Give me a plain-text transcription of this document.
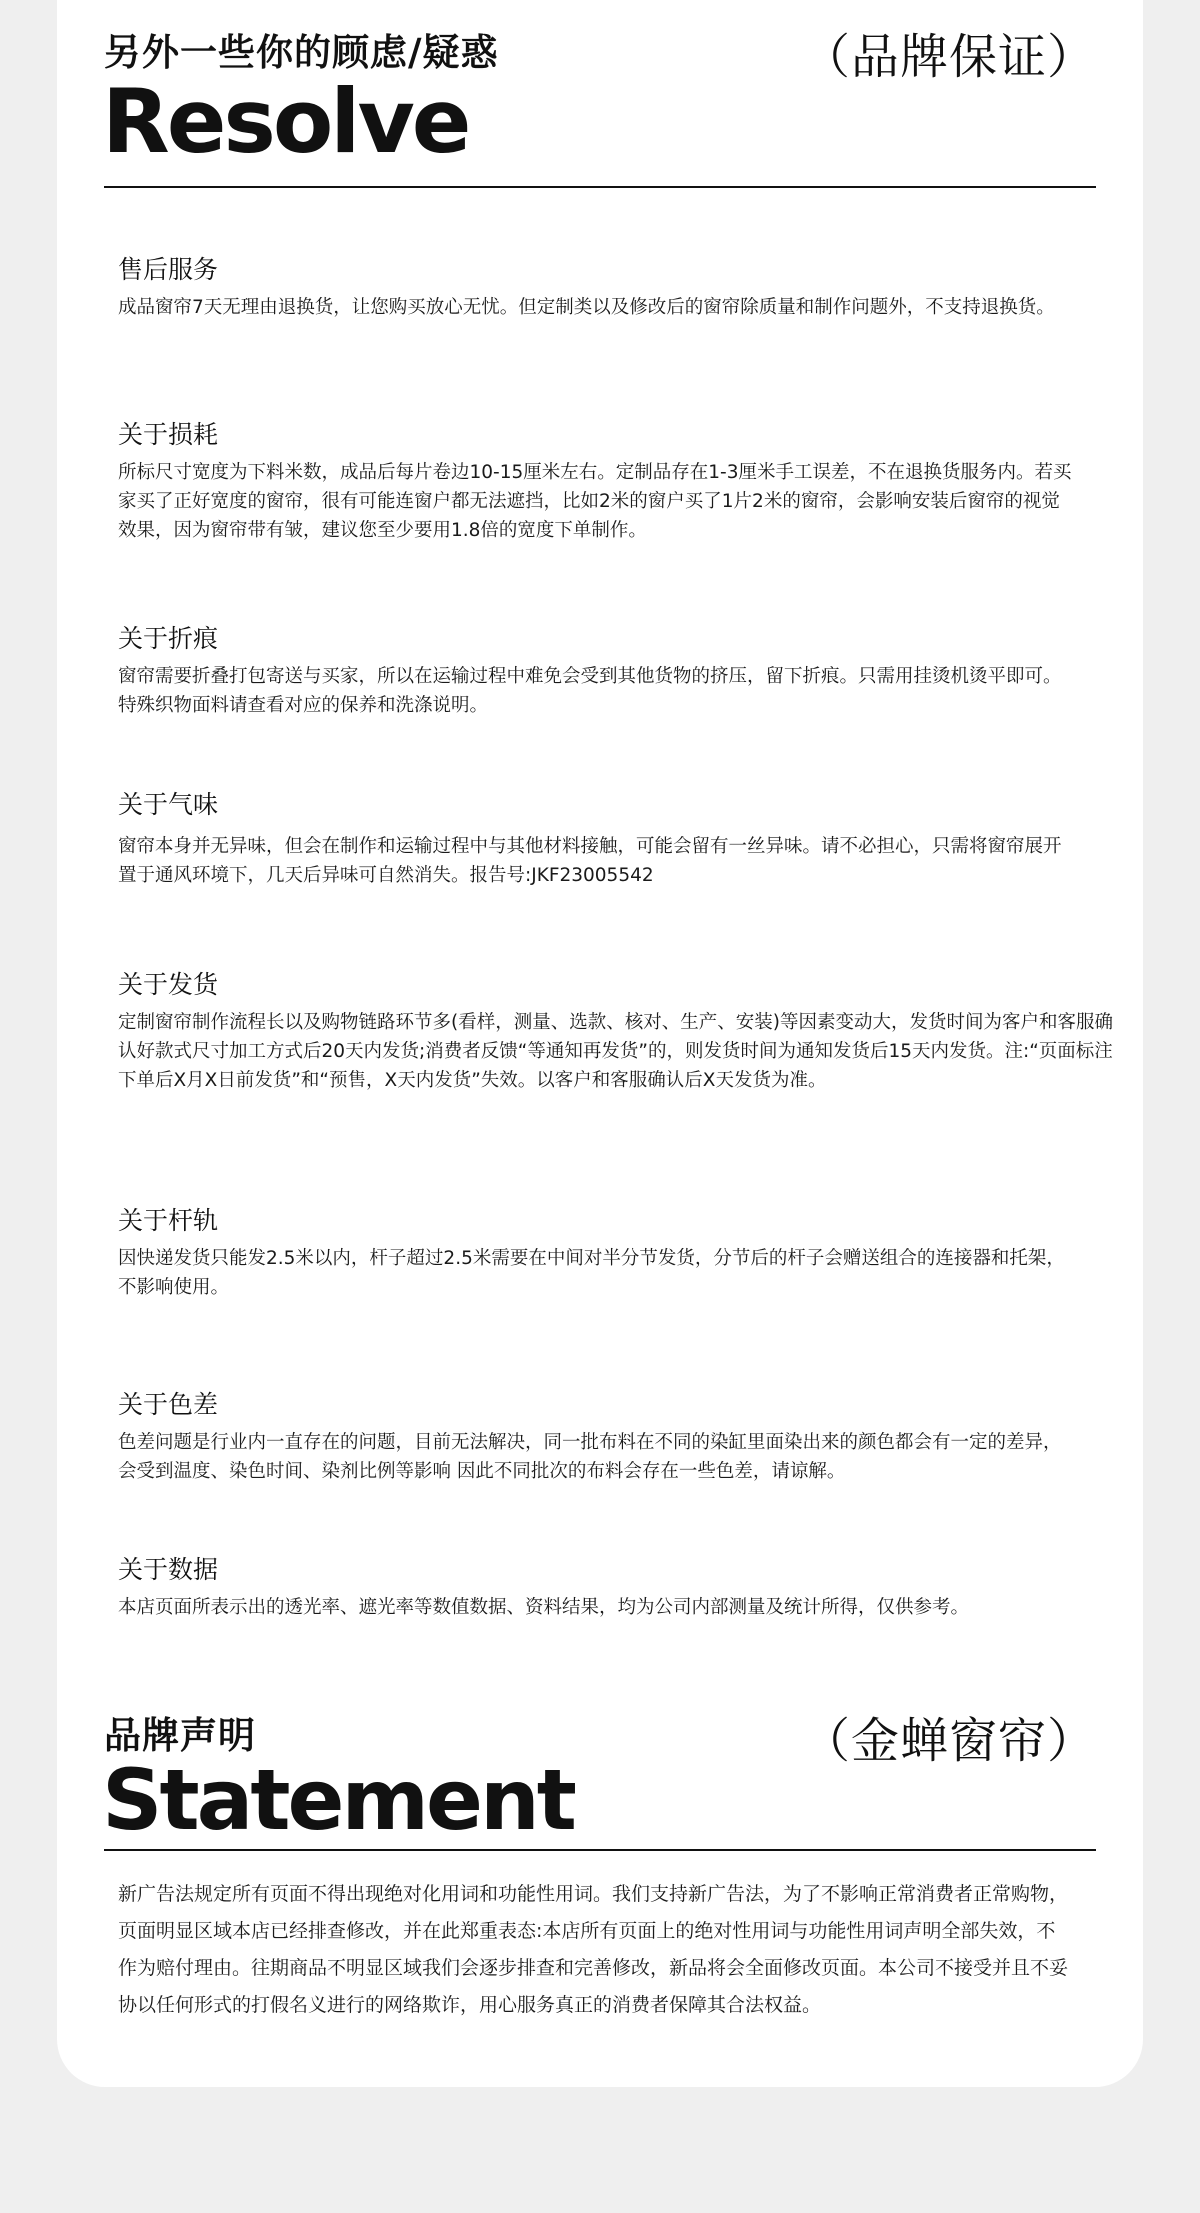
另外一些你的顾虑/疑惑
Resolve
（品牌保证）
售后服务

成品窗帘7天无理由退换货，让您购买放心无忧。但定制类以及修改后的窗帘除质量和制作问题外，不支持退换货。

关于损耗

所标尺寸宽度为下料米数，成品后每片卷边10-15厘米左右。定制品存在1-3厘米手工误差，不在退换货服务内。若买家买了正好宽度的窗帘，很有可能连窗户都无法遮挡，比如2米的窗户买了1片2米的窗帘，会影响安装后窗帘的视觉效果，因为窗帘带有皱，建议您至少要用1.8倍的宽度下单制作。

关于折痕

窗帘需要折叠打包寄送与买家，所以在运输过程中难免会受到其他货物的挤压，留下折痕。只需用挂烫机烫平即可。特殊织物面料请查看对应的保养和洗涤说明。

关于气味

窗帘本身并无异味，但会在制作和运输过程中与其他材料接触，可能会留有一丝异味。请不必担心，只需将窗帘展开置于通风环境下，几天后异味可自然消失。报告号:JKF23005542

关于发货

定制窗帘制作流程长以及购物链路环节多(看样，测量、选款、核对、生产、安装)等因素变动大，发货时间为客户和客服确认好款式尺寸加工方式后20天内发货;消费者反馈“等通知再发货”的，则发货时间为通知发货后15天内发货。注:“页面标注下单后X月X日前发货”和“预售，X天内发货”失效。以客户和客服确认后X天发货为准。

关于杆轨

因快递发货只能发2.5米以内，杆子超过2.5米需要在中间对半分节发货，分节后的杆子会赠送组合的连接器和托架，不影响使用。

关于色差

色差问题是行业内一直存在的问题，目前无法解决，同一批布料在不同的染缸里面染出来的颜色都会有一定的差异，会受到温度、染色时间、染剂比例等影响 因此不同批次的布料会存在一些色差，请谅解。

关于数据

本店页面所表示出的透光率、遮光率等数值数据、资料结果，均为公司内部测量及统计所得，仅供参考。

品牌声明
Statement
（金蝉窗帘）

新广告法规定所有页面不得出现绝对化用词和功能性用词。我们支持新广告法，为了不影响正常消费者正常购物，页面明显区域本店已经排查修改，并在此郑重表态:本店所有页面上的绝对性用词与功能性用词声明全部失效，不作为赔付理由。往期商品不明显区域我们会逐步排查和完善修改，新品将会全面修改页面。本公司不接受并且不妥协以任何形式的打假名义进行的网络欺诈，用心服务真正的消费者保障其合法权益。
